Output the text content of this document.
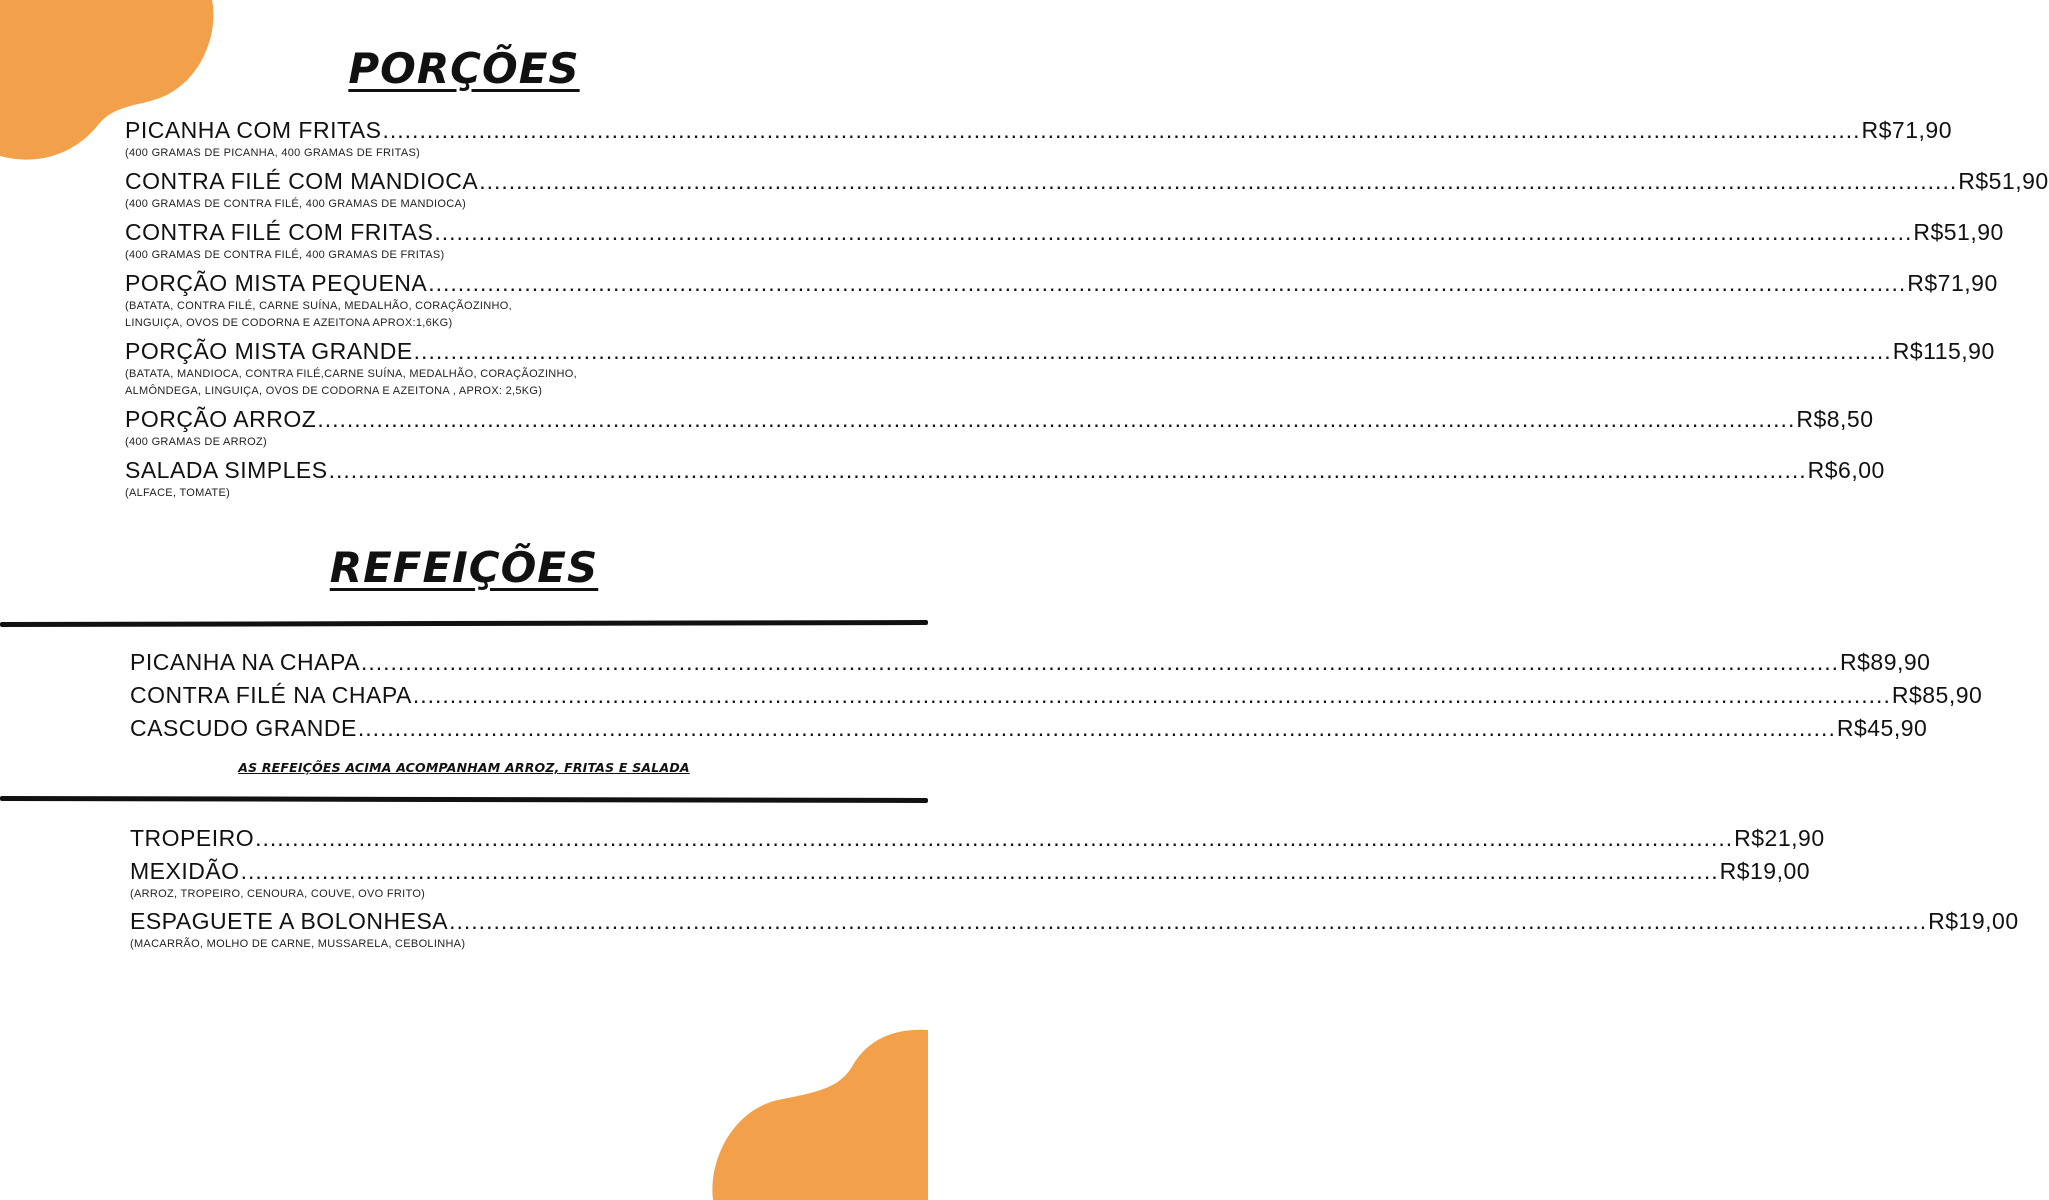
PORÇÕES
PICANHA COM FRITAS ........................................................................................................................................................................................................ R$71,90
(400 GRAMAS DE PICANHA, 400 GRAMAS DE FRITAS)
CONTRA FILÉ COM MANDIOCA ........................................................................................................................................................................................................ R$51,90
(400 GRAMAS DE CONTRA FILÉ, 400 GRAMAS DE MANDIOCA)
CONTRA FILÉ COM FRITAS ........................................................................................................................................................................................................ R$51,90
(400 GRAMAS DE CONTRA FILÉ, 400 GRAMAS DE FRITAS)
PORÇÃO MISTA PEQUENA ........................................................................................................................................................................................................ R$71,90
(BATATA, CONTRA FILÉ, CARNE SUÍNA, MEDALHÃO, CORAÇÃOZINHO,
LINGUIÇA, OVOS DE CODORNA E AZEITONA APROX:1,6KG)
PORÇÃO MISTA GRANDE ........................................................................................................................................................................................................ R$115,90
(BATATA, MANDIOCA, CONTRA FILÉ,CARNE SUÍNA, MEDALHÃO, CORAÇÃOZINHO,
ALMÔNDEGA, LINGUIÇA, OVOS DE CODORNA E AZEITONA , APROX: 2,5KG)
PORÇÃO ARROZ ........................................................................................................................................................................................................ R$8,50
(400 GRAMAS DE ARROZ)
SALADA SIMPLES ........................................................................................................................................................................................................ R$6,00
(ALFACE, TOMATE)
REFEIÇÕES
PICANHA NA CHAPA ........................................................................................................................................................................................................ R$89,90
CONTRA FILÉ NA CHAPA ........................................................................................................................................................................................................ R$85,90
CASCUDO GRANDE ........................................................................................................................................................................................................ R$45,90
AS REFEIÇÕES ACIMA ACOMPANHAM ARROZ, FRITAS E SALADA
TROPEIRO ........................................................................................................................................................................................................ R$21,90
MEXIDÃO ........................................................................................................................................................................................................ R$19,00
(ARROZ, TROPEIRO, CENOURA, COUVE, OVO FRITO)
ESPAGUETE A BOLONHESA ........................................................................................................................................................................................................ R$19,00
(MACARRÃO, MOLHO DE CARNE, MUSSARELA, CEBOLINHA)
